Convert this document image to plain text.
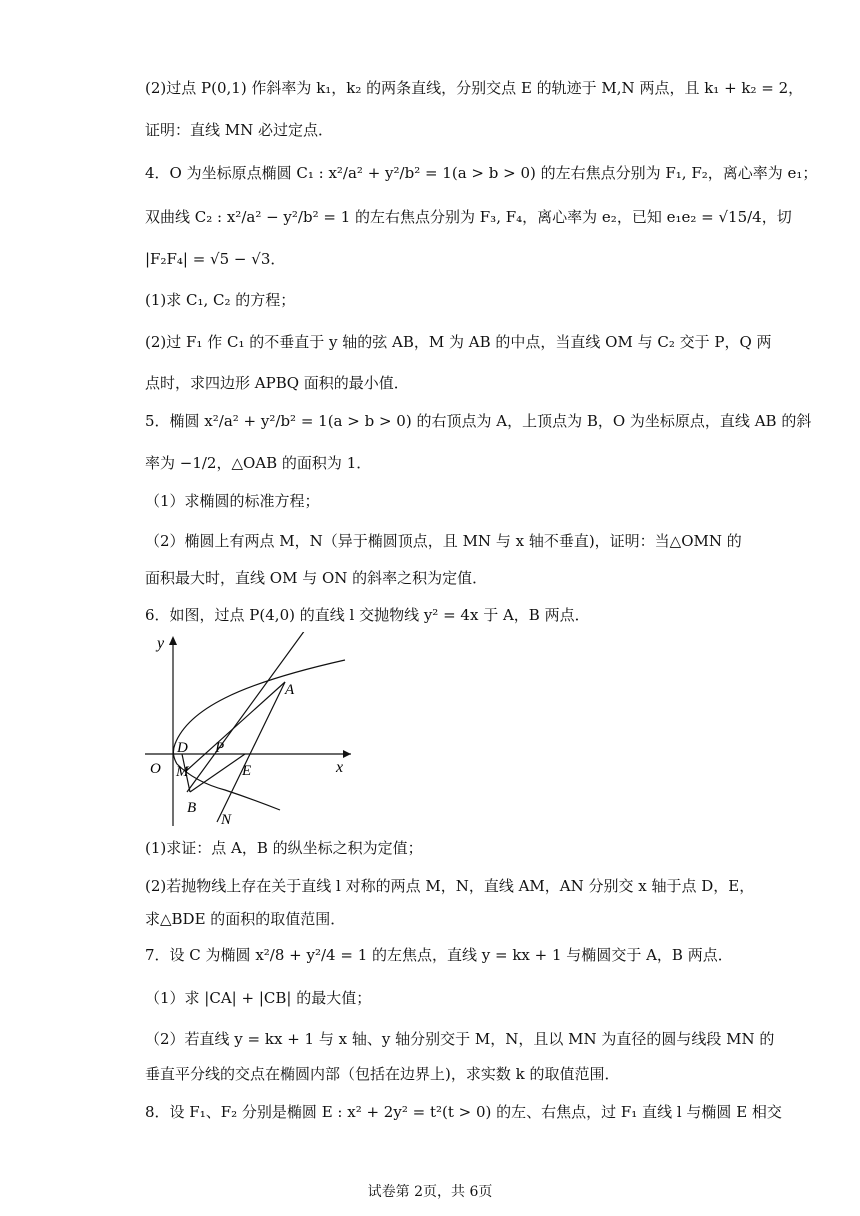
(2)过点 P(0,1) 作斜率为 k₁，k₂ 的两条直线，分别交点 E 的轨迹于 M,N 两点，且 k₁ + k₂ = 2，
证明：直线 MN 必过定点．
4．O 为坐标原点椭圆 C₁ : x²/a² + y²/b² = 1(a > b > 0) 的左右焦点分别为 F₁, F₂，离心率为 e₁；
双曲线 C₂ : x²/a² − y²/b² = 1 的左右焦点分别为 F₃, F₄，离心率为 e₂，已知 e₁e₂ = √15/4，切
|F₂F₄| = √5 − √3．
(1)求 C₁, C₂ 的方程；
(2)过 F₁ 作 C₁ 的不垂直于 y 轴的弦 AB，M 为 AB 的中点，当直线 OM 与 C₂ 交于 P，Q 两
点时，求四边形 APBQ 面积的最小值．
5．椭圆 x²/a² + y²/b² = 1(a > b > 0) 的右顶点为 A，上顶点为 B，O 为坐标原点，直线 AB 的斜
率为 −1/2，△OAB 的面积为 1．
（1）求椭圆的标准方程；
（2）椭圆上有两点 M，N（异于椭圆顶点，且 MN 与 x 轴不垂直)，证明：当△OMN 的
面积最大时，直线 OM 与 ON 的斜率之积为定值．
6．如图，过点 P(4,0) 的直线 l 交抛物线 y² = 4x 于 A，B 两点．
y
A
D P
O M	E	x
B
N
(1)求证：点 A，B 的纵坐标之积为定值；
(2)若抛物线上存在关于直线 l 对称的两点 M，N，直线 AM，AN 分别交 x 轴于点 D，E，
求△BDE 的面积的取值范围．
7．设 C 为椭圆 x²/8 + y²/4 = 1 的左焦点，直线 y = kx + 1 与椭圆交于 A，B 两点．
（1）求 |CA| + |CB| 的最大值；
（2）若直线 y = kx + 1 与 x 轴、y 轴分别交于 M，N，且以 MN 为直径的圆与线段 MN 的
垂直平分线的交点在椭圆内部（包括在边界上)，求实数 k 的取值范围．
8．设 F₁、F₂ 分别是椭圆 E : x² + 2y² = t²(t > 0) 的左、右焦点，过 F₁ 直线 l 与椭圆 E 相交
试卷第 2页，共 6页
